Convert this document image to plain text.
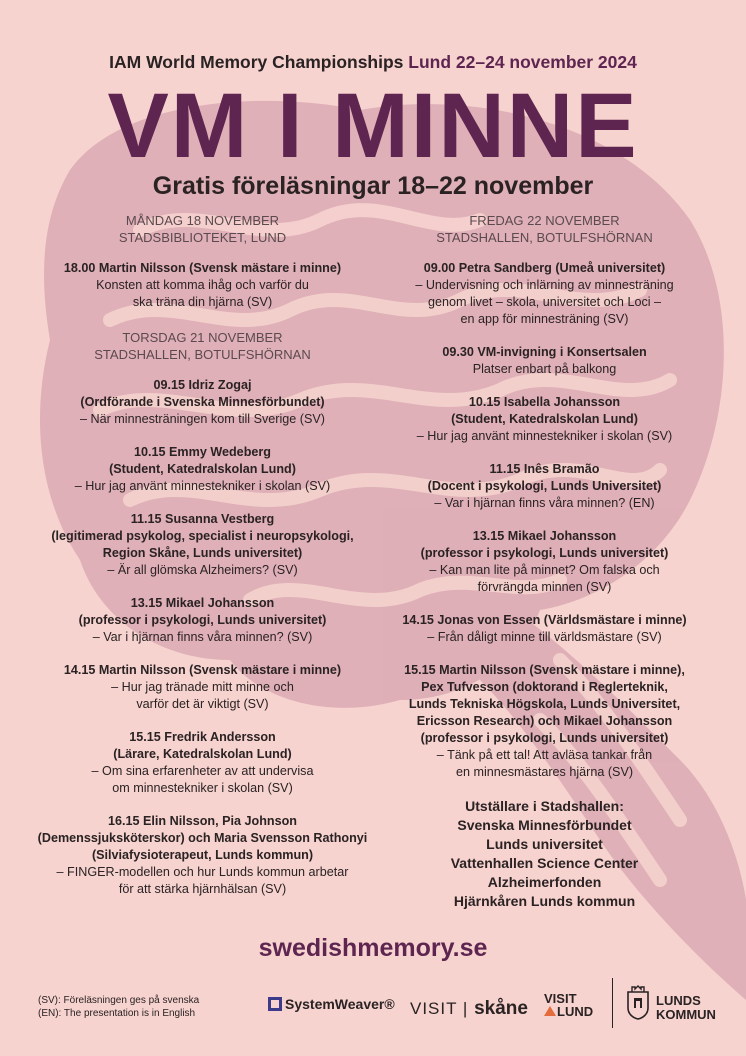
IAM World Memory Championships Lund 22–24 november 2024
VM I MINNE
Gratis föreläsningar 18–22 november
MÅNDAG 18 NOVEMBER
STADSBIBLIOTEKET, LUND
18.00 Martin Nilsson (Svensk mästare i minne)
Konsten att komma ihåg och varför du
ska träna din hjärna (SV)
TORSDAG 21 NOVEMBER
STADSHALLEN, BOTULFSHÖRNAN
09.15 Idriz Zogaj
(Ordförande i Svenska Minnesförbundet)
– När minnesträningen kom till Sverige (SV)
10.15 Emmy Wedeberg
(Student, Katedralskolan Lund)
– Hur jag använt minnestekniker i skolan (SV)
11.15 Susanna Vestberg
(legitimerad psykolog, specialist i neuropsykologi,
Region Skåne, Lunds universitet)
– Är all glömska Alzheimers? (SV)
13.15 Mikael Johansson
(professor i psykologi, Lunds universitet)
– Var i hjärnan finns våra minnen? (SV)
14.15 Martin Nilsson (Svensk mästare i minne)
– Hur jag tränade mitt minne och
varför det är viktigt (SV)
15.15 Fredrik Andersson
(Lärare, Katedralskolan Lund)
– Om sina erfarenheter av att undervisa
om minnestekniker i skolan (SV)
16.15 Elin Nilsson, Pia Johnson
(Demenssjuksköterskor) och Maria Svensson Rathonyi
(Silviafysioterapeut, Lunds kommun)
– FINGER-modellen och hur Lunds kommun arbetar
för att stärka hjärnhälsan (SV)
FREDAG 22 NOVEMBER
STADSHALLEN, BOTULFSHÖRNAN
09.00 Petra Sandberg (Umeå universitet)
– Undervisning och inlärning av minnesträning
genom livet – skola, universitet och Loci –
en app för minnesträning (SV)
09.30 VM-invigning i Konsertsalen
Platser enbart på balkong
10.15 Isabella Johansson
(Student, Katedralskolan Lund)
– Hur jag använt minnestekniker i skolan (SV)
11.15 Inês Bramão
(Docent i psykologi, Lunds Universitet)
– Var i hjärnan finns våra minnen? (EN)
13.15 Mikael Johansson
(professor i psykologi, Lunds universitet)
– Kan man lite på minnet? Om falska och
förvrängda minnen (SV)
14.15 Jonas von Essen (Världsmästare i minne)
– Från dåligt minne till världsmästare (SV)
15.15 Martin Nilsson (Svensk mästare i minne),
Pex Tufvesson (doktorand i Reglerteknik,
Lunds Tekniska Högskola, Lunds Universitet,
Ericsson Research) och Mikael Johansson
(professor i psykologi, Lunds universitet)
– Tänk på ett tal! Att avläsa tankar från
en minnesmästares hjärna (SV)
Utställare i Stadshallen:
Svenska Minnesförbundet
Lunds universitet
Vattenhallen Science Center
Alzheimerfonden
Hjärnkåren Lunds kommun
swedishmemory.se
(SV): Föreläsningen ges på svenska
(EN): The presentation is in English
SystemWeaver® VISIT | skåne VISIT
LUND
LUNDS
KOMMUN
